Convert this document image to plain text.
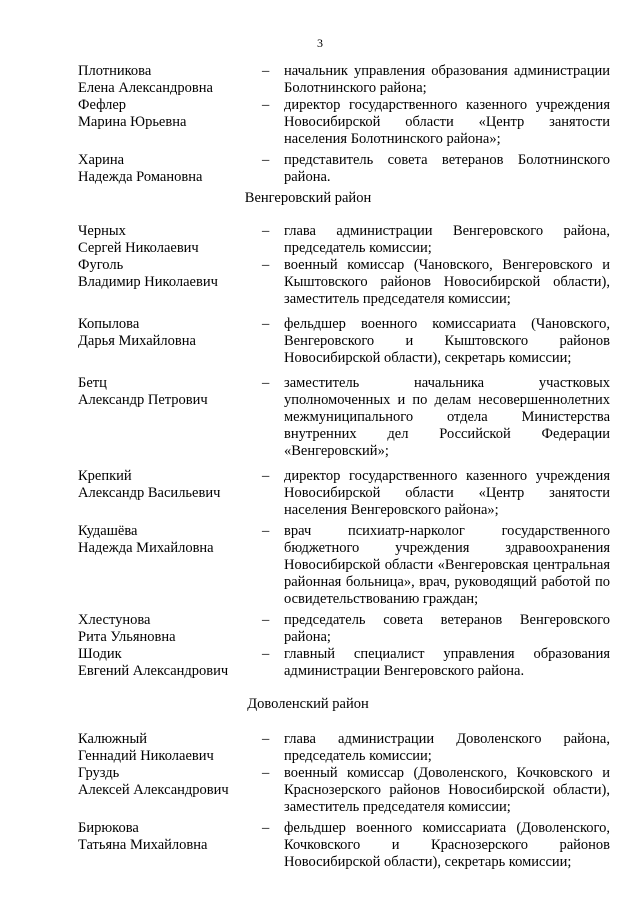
3
Плотникова
Елена Александровна
–	начальник управления образования администрации Болотнинского района;
Фефлер
Марина Юрьевна
–	директор государственного казенного учреждения Новосибирской области «Центр занятости населения Болотнинского района»;
Харина
Надежда Романовна
–	представитель совета ветеранов Болотнинского района.
Венгеровский район
Черных
Сергей Николаевич
–	глава администрации Венгеровского района, председатель комиссии;
Фуголь
Владимир Николаевич
–	военный комиссар (Чановского, Венгеровского и Кыштовского районов Новосибирской области), заместитель председателя комиссии;
Копылова
Дарья Михайловна
–	фельдшер военного комиссариата (Чановского, Венгеровского и Кыштовского районов Новосибирской области), секретарь комиссии;
Бетц
Александр Петрович
–	заместитель начальника участковых уполномоченных и по делам несовершеннолетних межмуниципального отдела Министерства внутренних дел Российской Федерации «Венгеровский»;
Крепкий
Александр Васильевич
–	директор государственного казенного учреждения Новосибирской области «Центр занятости населения Венгеровского района»;
Кудашёва
Надежда Михайловна
–	врач психиатр-нарколог государственного бюджетного учреждения здравоохранения Новосибирской области «Венгеровская центральная районная больница», врач, руководящий работой по освидетельствованию граждан;
Хлестунова
Рита Ульяновна
–	председатель совета ветеранов Венгеровского района;
Шодик
Евгений Александрович
–	главный специалист управления образования администрации Венгеровского района.
Доволенский район
Калюжный
Геннадий Николаевич
–	глава администрации Доволенского района, председатель комиссии;
Груздь
Алексей Александрович
–	военный комиссар (Доволенского, Кочковского и Краснозерского районов Новосибирской области), заместитель председателя комиссии;
Бирюкова
Татьяна Михайловна
–	фельдшер военного комиссариата (Доволенского, Кочковского и Краснозерского районов Новосибирской области), секретарь комиссии;
